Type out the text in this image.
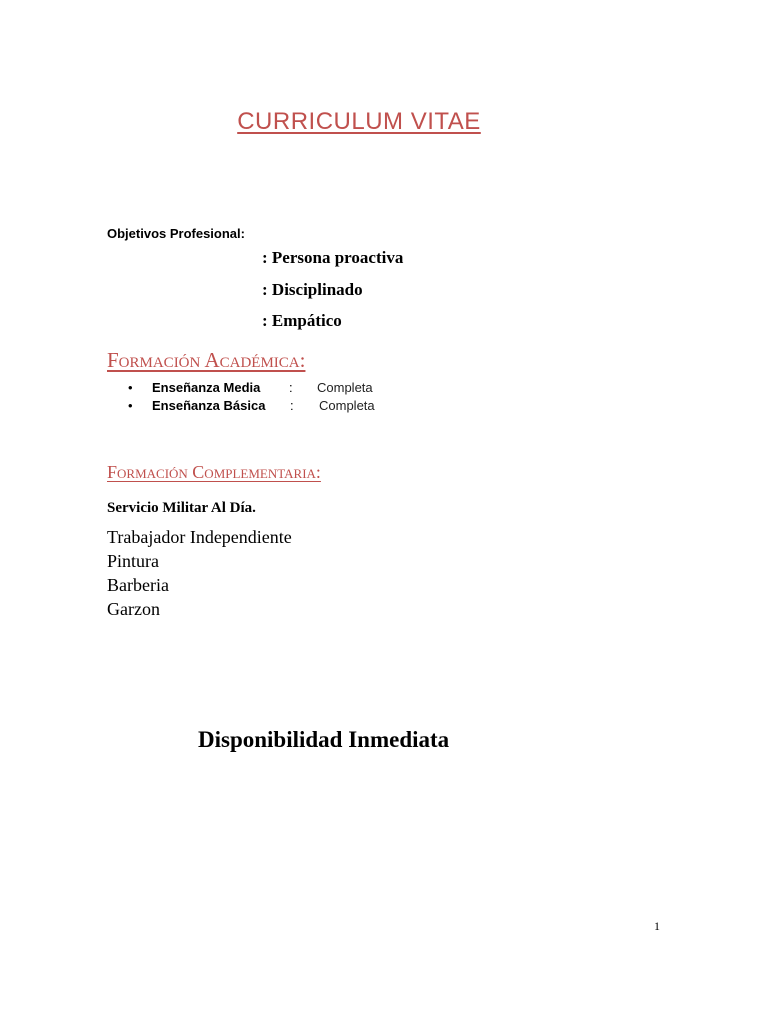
CURRICULUM VITAE
Objetivos Profesional:
: Persona proactiva
: Disciplinado
: Empático
Formación Académica:
• Enseñanza Media : Completa
• Enseñanza Básica : Completa
Formación Complementaria:
Servicio Militar Al Día.
Trabajador Independiente
Pintura
Barberia
Garzon
Disponibilidad Inmediata
1
